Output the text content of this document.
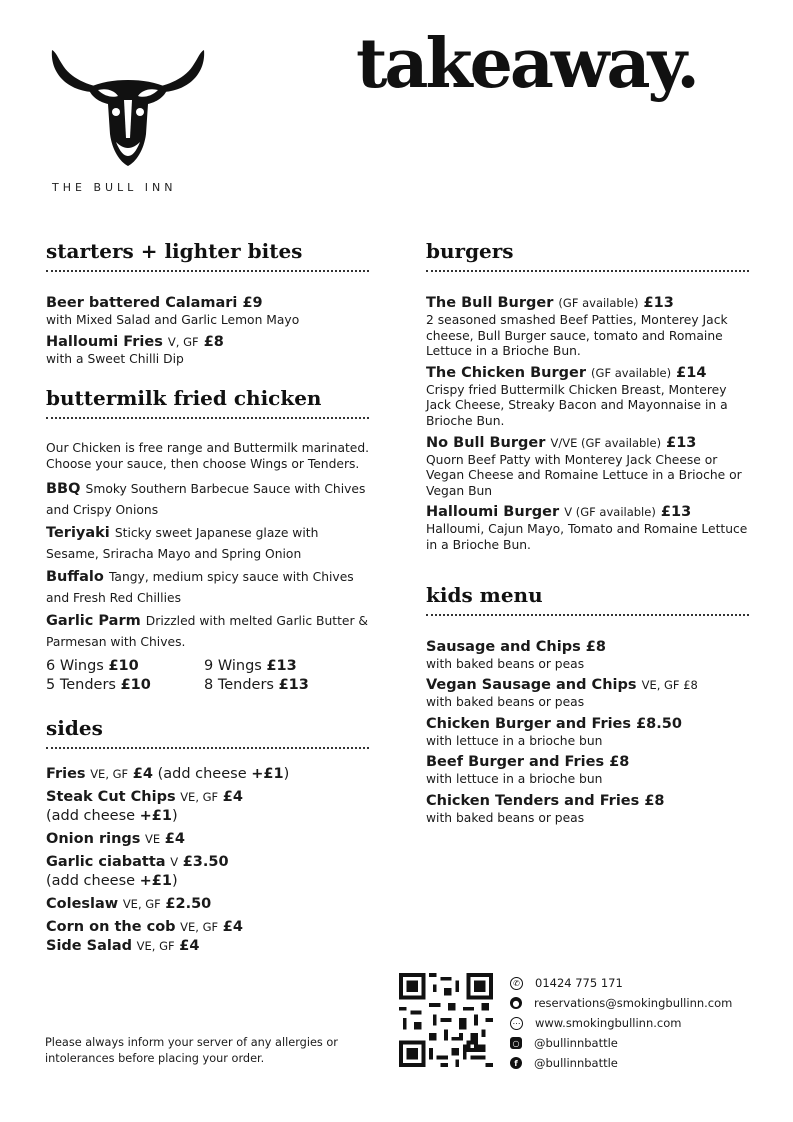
THE BULL INN
takeaway.
starters + lighter bites
Beer battered Calamari £9
with Mixed Salad and Garlic Lemon Mayo
Halloumi Fries V, GF £8
with a Sweet Chilli Dip
buttermilk fried chicken
Our Chicken is free range and Buttermilk marinated. Choose your sauce, then choose Wings or Tenders.
BBQ Smoky Southern Barbecue Sauce with Chives and Crispy Onions
Teriyaki Sticky sweet Japanese glaze with Sesame, Sriracha Mayo and Spring Onion
Buffalo Tangy, medium spicy sauce with Chives and Fresh Red Chillies
Garlic Parm Drizzled with melted Garlic Butter & Parmesan with Chives.
6 Wings £10	9 Wings £13
5 Tenders £10	8 Tenders £13
sides
Fries VE, GF £4 (add cheese +£1)
Steak Cut Chips VE, GF £4
(add cheese +£1)
Onion rings VE £4
Garlic ciabatta V £3.50
(add cheese +£1)
Coleslaw VE, GF £2.50
Corn on the cob VE, GF £4
Side Salad VE, GF £4
burgers
The Bull Burger (GF available) £13
2 seasoned smashed Beef Patties, Monterey Jack cheese, Bull Burger sauce, tomato and Romaine Lettuce in a Brioche Bun.
The Chicken Burger (GF available) £14
Crispy fried Buttermilk Chicken Breast, Monterey Jack Cheese, Streaky Bacon and Mayonnaise in a Brioche Bun.
No Bull Burger V/VE (GF available) £13
Quorn Beef Patty with Monterey Jack Cheese or Vegan Cheese and Romaine Lettuce in a Brioche or Vegan Bun
Halloumi Burger V (GF available) £13
Halloumi, Cajun Mayo, Tomato and Romaine Lettuce in a Brioche Bun.
kids menu
Sausage and Chips £8
with baked beans or peas
Vegan Sausage and Chips VE, GF £8
with baked beans or peas
Chicken Burger and Fries £8.50
with lettuce in a brioche bun
Beef Burger and Fries £8
with lettuce in a brioche bun
Chicken Tenders and Fries £8
with baked beans or peas
Please always inform your server of any allergies or intolerances before placing your order.
✆ 01424 775 171
● reservations@smokingbullinn.com
⋯ www.smokingbullinn.com
○ @bullinnbattle
f	@bullinnbattle
